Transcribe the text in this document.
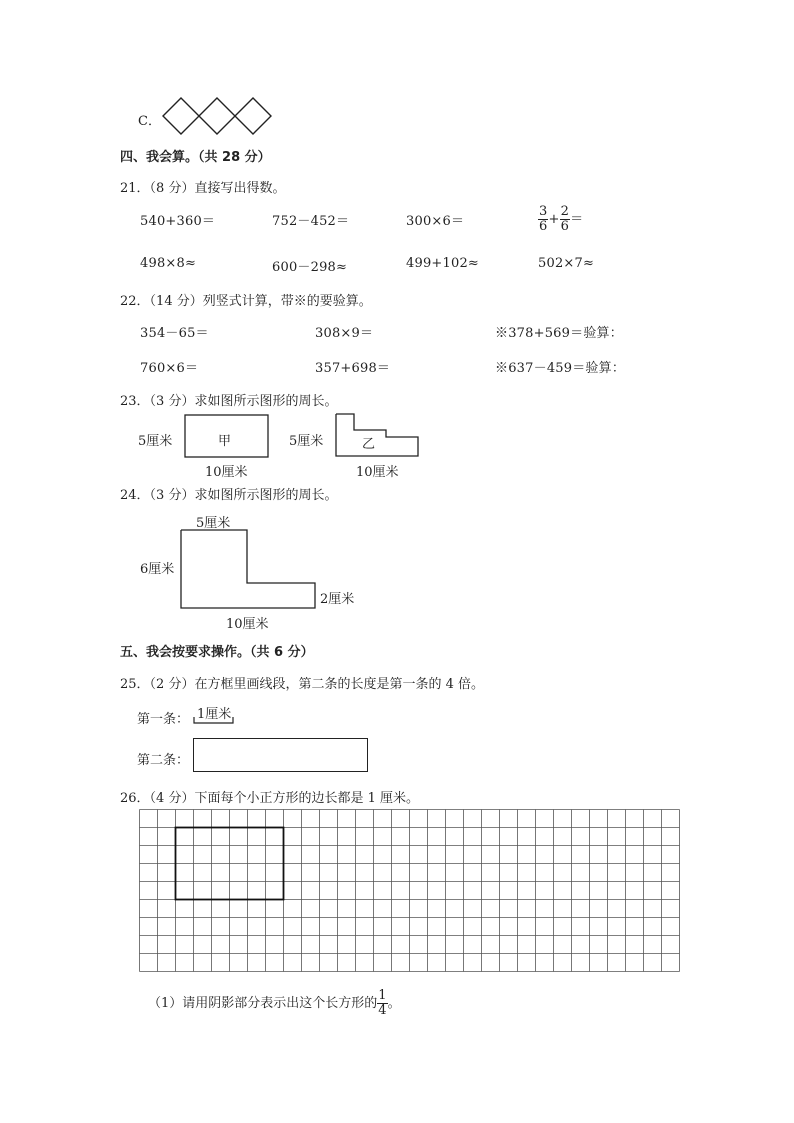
C．
四、我会算。（共 28 分）
21．（8 分）直接写出得数。
540+360＝	752－452＝	300×6＝	$\frac{3}{6} + \frac{2}{6}$ ＝
498×8≈	600－298≈	499+102≈	502×7≈
22．（14 分）列竖式计算，带※的要验算。
354－65＝	308×9＝	※378+569＝验算：
760×6＝	357+698＝	※637－459＝验算：
23．（3 分）求如图所示图形的周长。
5厘米	甲
10厘米
5厘米	乙
10厘米
24．（3 分）求如图所示图形的周长。
5厘米
6厘米
2厘米
10厘米
五、我会按要求操作。（共 6 分）
25．（2 分）在方框里画线段，第二条的长度是第一条的 4 倍。
第一条： 1厘米
第二条：
26．（4 分）下面每个小正方形的边长都是 1 厘米。
（1）请用阴影部分表示出这个长方形的 $\frac{1}{4}$ 。
